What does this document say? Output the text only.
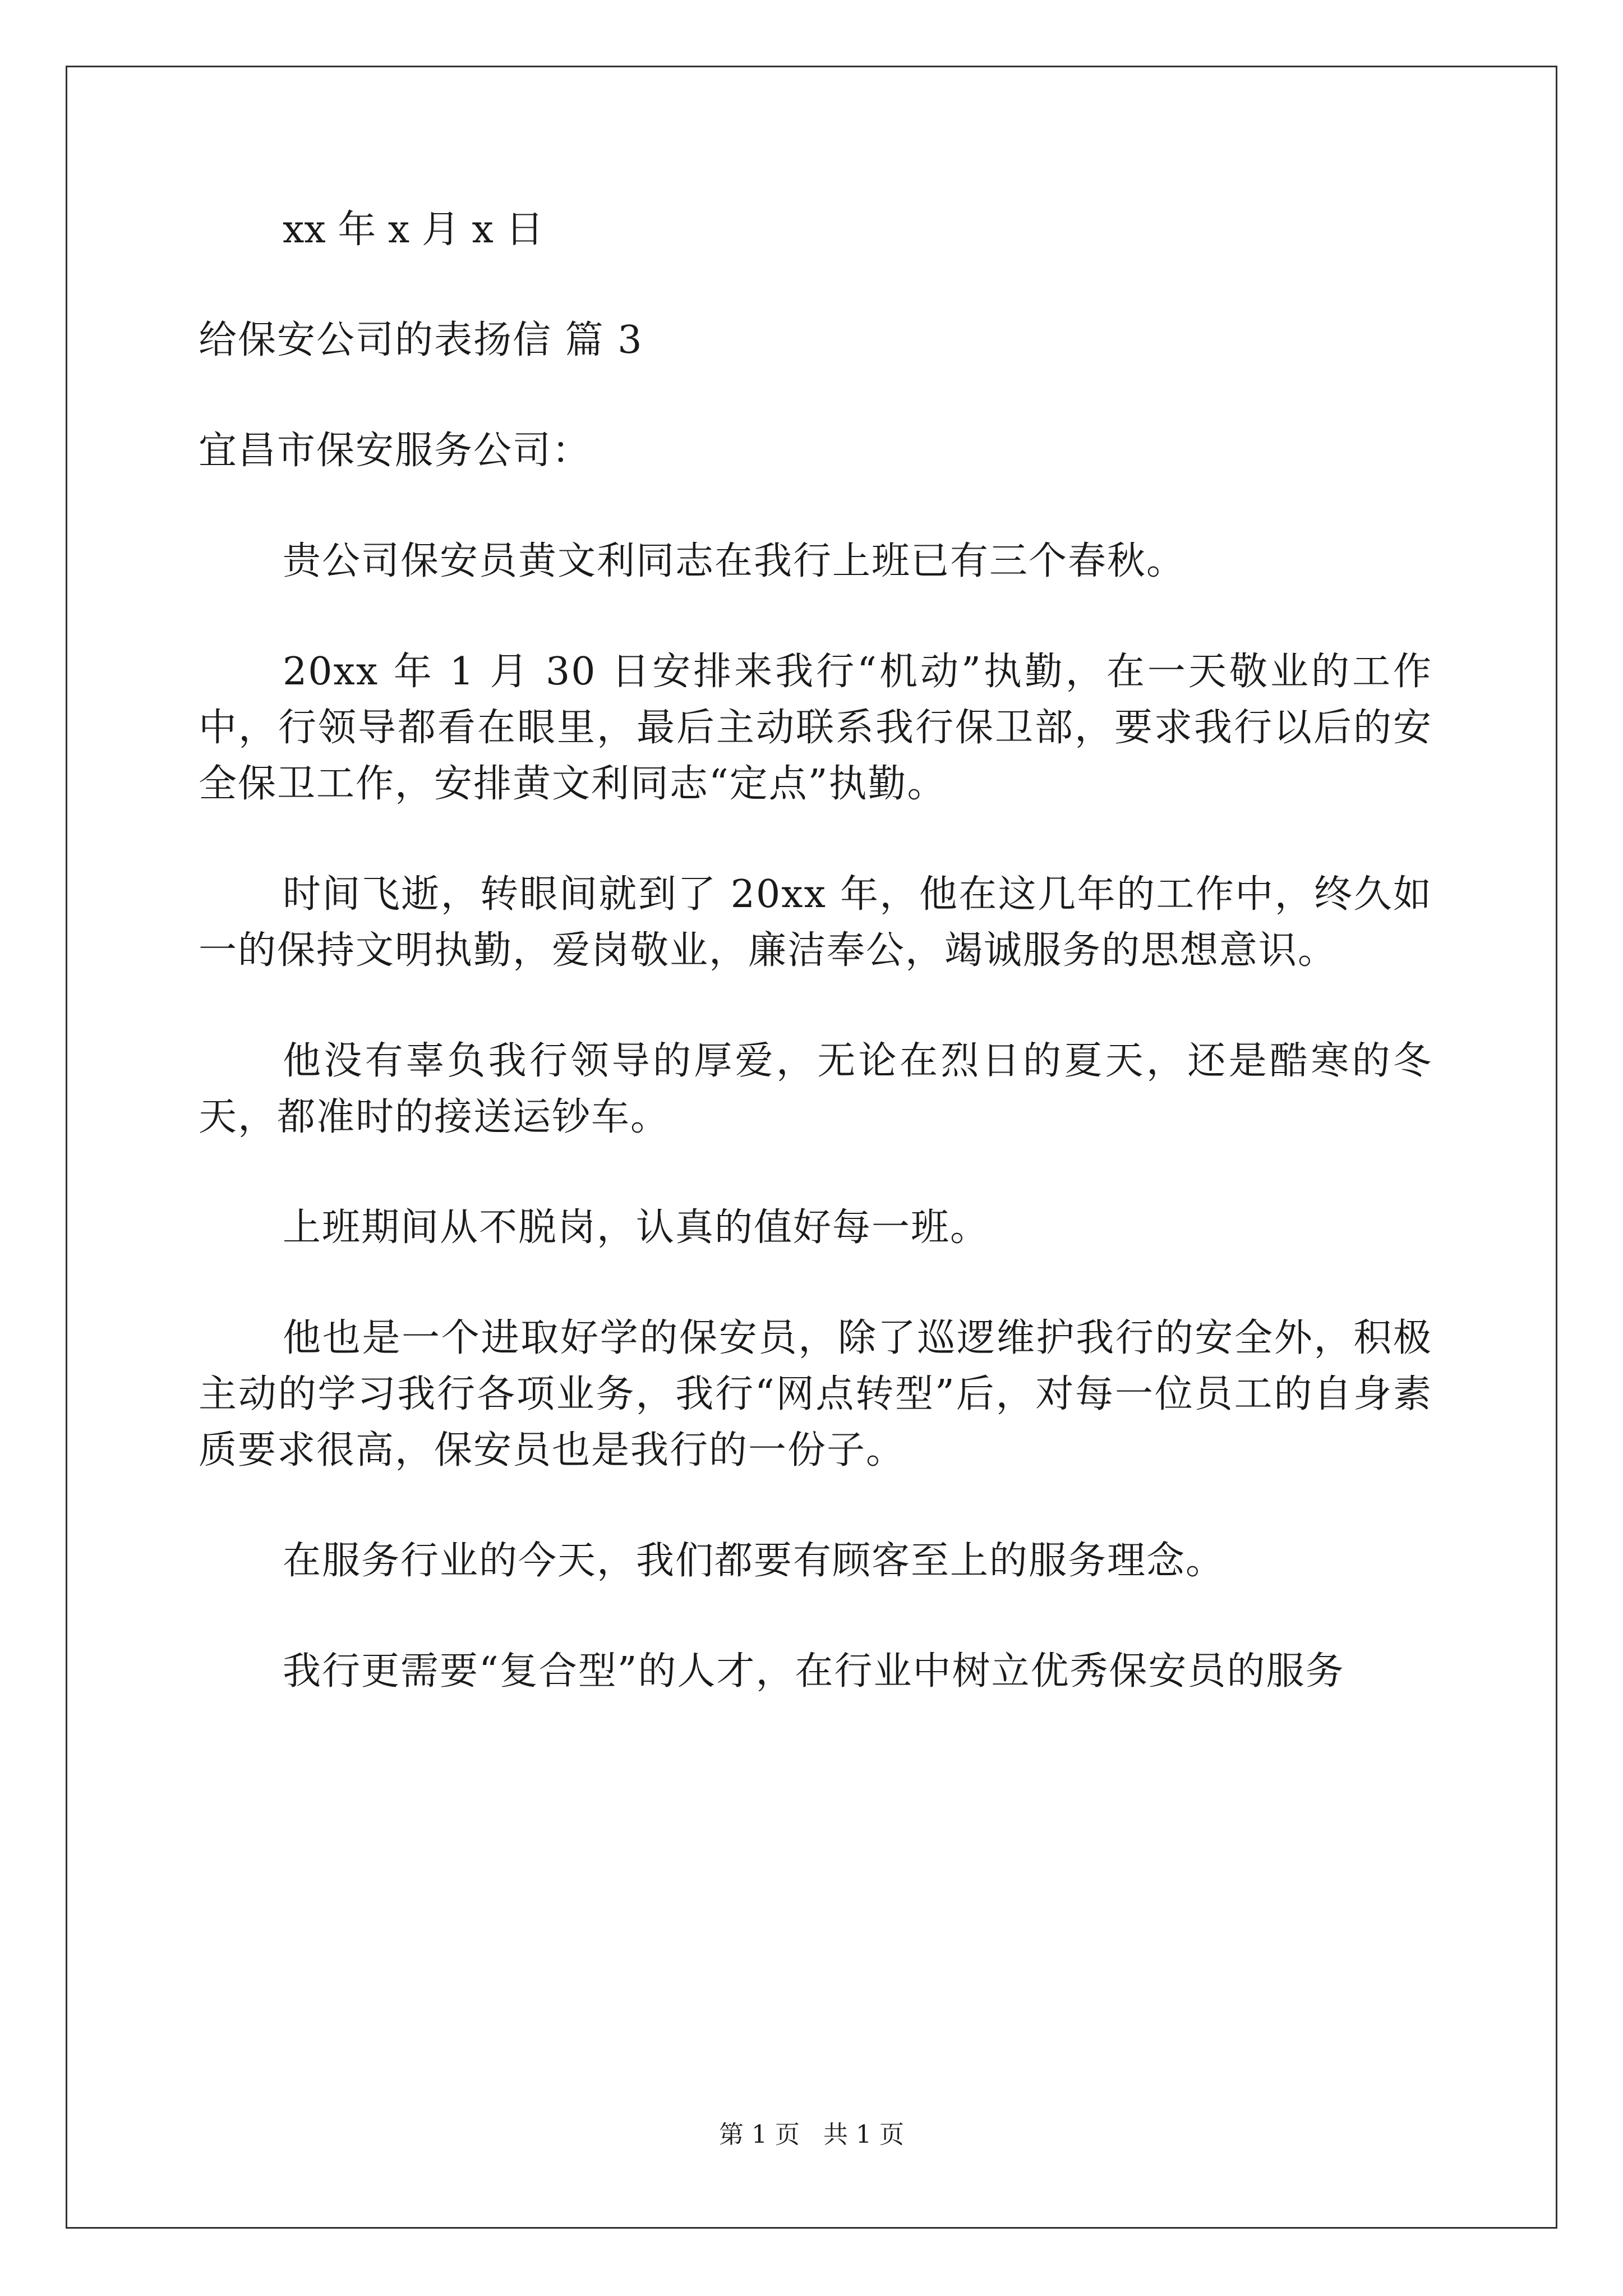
xx 年 x 月 x 日

给保安公司的表扬信 篇 3

宜昌市保安服务公司：

贵公司保安员黄文利同志在我行上班已有三个春秋。

20xx 年 1 月 30 日安排来我行“机动”执勤，在一天敬业的工作中，行领导都看在眼里，最后主动联系我行保卫部，要求我行以后的安全保卫工作，安排黄文利同志“定点”执勤。

时间飞逝，转眼间就到了 20xx 年，他在这几年的工作中，终久如一的保持文明执勤，爱岗敬业，廉洁奉公，竭诚服务的思想意识。

他没有辜负我行领导的厚爱，无论在烈日的夏天，还是酷寒的冬天，都准时的接送运钞车。

上班期间从不脱岗，认真的值好每一班。

他也是一个进取好学的保安员，除了巡逻维护我行的安全外，积极主动的学习我行各项业务，我行“网点转型”后，对每一位员工的自身素质要求很高，保安员也是我行的一份子。

在服务行业的今天，我们都要有顾客至上的服务理念。

我行更需要“复合型”的人才，在行业中树立优秀保安员的服务

第 1 页   共 1 页
